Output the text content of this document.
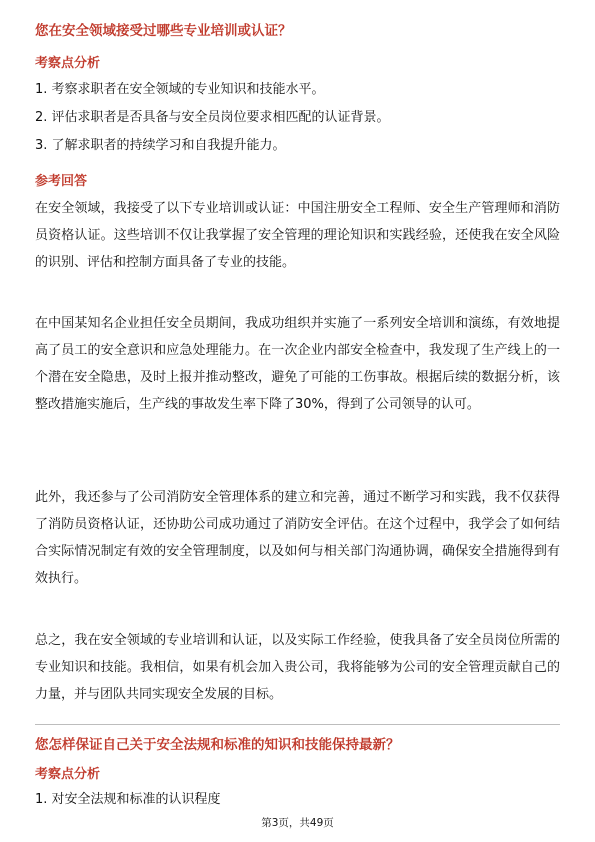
您在安全领域接受过哪些专业培训或认证？
考察点分析
1. 考察求职者在安全领域的专业知识和技能水平。
2. 评估求职者是否具备与安全员岗位要求相匹配的认证背景。
3. 了解求职者的持续学习和自我提升能力。
参考回答
在安全领域，我接受了以下专业培训或认证：中国注册安全工程师、安全生产管理师和消防员资格认证。这些培训不仅让我掌握了安全管理的理论知识和实践经验，还使我在安全风险的识别、评估和控制方面具备了专业的技能。
在中国某知名企业担任安全员期间，我成功组织并实施了一系列安全培训和演练，有效地提高了员工的安全意识和应急处理能力。在一次企业内部安全检查中，我发现了生产线上的一个潜在安全隐患，及时上报并推动整改，避免了可能的工伤事故。根据后续的数据分析，该整改措施实施后，生产线的事故发生率下降了30%，得到了公司领导的认可。
此外，我还参与了公司消防安全管理体系的建立和完善，通过不断学习和实践，我不仅获得了消防员资格认证，还协助公司成功通过了消防安全评估。在这个过程中，我学会了如何结合实际情况制定有效的安全管理制度，以及如何与相关部门沟通协调，确保安全措施得到有效执行。
总之，我在安全领域的专业培训和认证，以及实际工作经验，使我具备了安全员岗位所需的专业知识和技能。我相信，如果有机会加入贵公司，我将能够为公司的安全管理贡献自己的力量，并与团队共同实现安全发展的目标。
您怎样保证自己关于安全法规和标准的知识和技能保持最新？
考察点分析
1. 对安全法规和标准的认识程度
第3页，共49页
